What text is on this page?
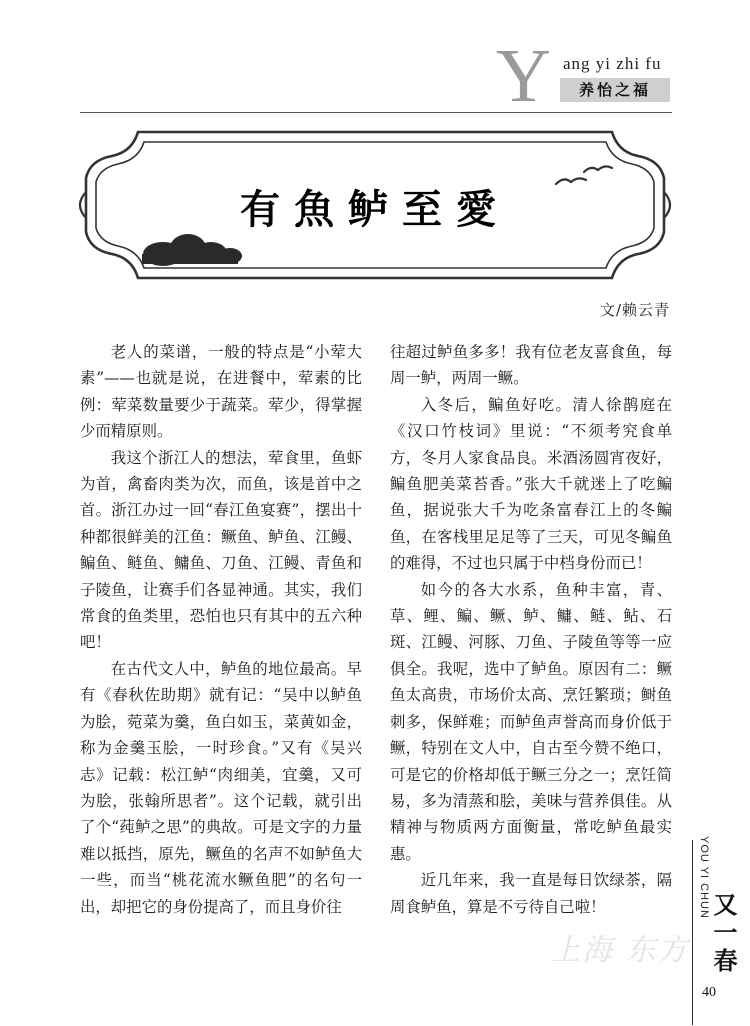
Y ang yi zhi fu
养怡之福
有魚鲈至愛
文/赖云青

老人的菜谱，一般的特点是“小荤大素”——也就是说，在进餐中，荤素的比例：荤菜数量要少于蔬菜。荤少，得掌握少而精原则。

我这个浙江人的想法，荤食里，鱼虾为首，禽畜肉类为次，而鱼，该是首中之首。浙江办过一回“春江鱼宴赛”，摆出十种都很鲜美的江鱼：鳜鱼、鲈鱼、江鳗、鳊鱼、鲢鱼、鳙鱼、刀鱼、江鳗、青鱼和子陵鱼，让赛手们各显神通。其实，我们常食的鱼类里，恐怕也只有其中的五六种吧！

在古代文人中，鲈鱼的地位最高。早有《春秋佐助期》就有记：“吴中以鲈鱼为脍，菀菜为羹，鱼白如玉，菜黄如金，称为金羹玉脍，一时珍食。”又有《吴兴志》记载：松江鲈“肉细美，宜羹，又可为脍，张翰所思者”。这个记载，就引出了个“莼鲈之思”的典故。可是文字的力量难以抵挡，原先，鳜鱼的名声不如鲈鱼大一些，而当“桃花流水鳜鱼肥”的名句一出，却把它的身份提高了，而且身价往

往超过鲈鱼多多！我有位老友喜食鱼，每周一鲈，两周一鳜。

入冬后，鳊鱼好吃。清人徐鹊庭在《汉口竹枝词》里说：“不须考究食单方，冬月人家食品良。米酒汤圆宵夜好，鳊鱼肥美菜苔香。”张大千就迷上了吃鳊鱼，据说张大千为吃条富春江上的冬鳊鱼，在客栈里足足等了三天，可见冬鳊鱼的难得，不过也只属于中档身份而已！

如今的各大水系，鱼种丰富，青、草、鲤、鳊、鳜、鲈、鳙、鲢、鲇、石斑、江鳗、河豚、刀鱼、子陵鱼等等一应俱全。我呢，选中了鲈鱼。原因有二：鳜鱼太高贵，市场价太高、烹饪繁琐；鲥鱼刺多，保鲜难；而鲈鱼声誉高而身价低于鳜，特别在文人中，自古至今赞不绝口，可是它的价格却低于鳜三分之一；烹饪简易，多为清蒸和脍，美味与营养俱佳。从精神与物质两方面衡量，常吃鲈鱼最实惠。

近几年来，我一直是每日饮绿茶，隔周食鲈鱼，算是不亏待自己啦！

上海 东方
YOU YI CHUN
又一春
40
